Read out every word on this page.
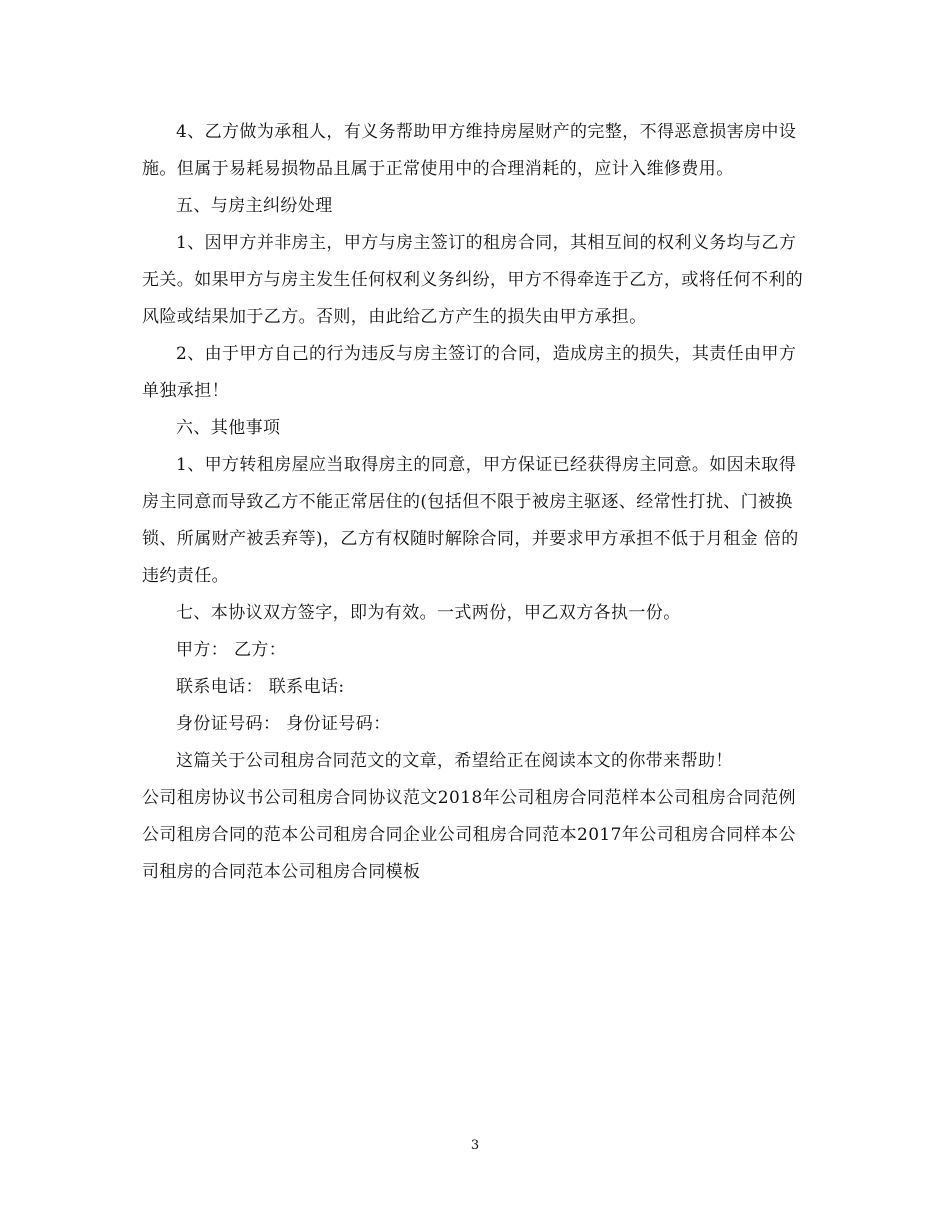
4、乙方做为承租人，有义务帮助甲方维持房屋财产的完整，不得恶意损害房中设施。但属于易耗易损物品且属于正常使用中的合理消耗的，应计入维修费用。

五、与房主纠纷处理

1、因甲方并非房主，甲方与房主签订的租房合同，其相互间的权利义务均与乙方无关。如果甲方与房主发生任何权利义务纠纷，甲方不得牵连于乙方，或将任何不利的风险或结果加于乙方。否则，由此给乙方产生的损失由甲方承担。

2、由于甲方自己的行为违反与房主签订的合同，造成房主的损失，其责任由甲方单独承担！

六、其他事项

1、甲方转租房屋应当取得房主的同意，甲方保证已经获得房主同意。如因未取得房主同意而导致乙方不能正常居住的(包括但不限于被房主驱逐、经常性打扰、门被换锁、所属财产被丢弃等)，乙方有权随时解除合同，并要求甲方承担不低于月租金 倍的违约责任。

七、本协议双方签字，即为有效。一式两份，甲乙双方各执一份。

甲方： 乙方：

联系电话： 联系电话:

身份证号码： 身份证号码：

这篇关于公司租房合同范文的文章，希望给正在阅读本文的你带来帮助！

公司租房协议书公司租房合同协议范文2018年公司租房合同范样本公司租房合同范例公司租房合同的范本公司租房合同企业公司租房合同范本2017年公司租房合同样本公司租房的合同范本公司租房合同模板

3
